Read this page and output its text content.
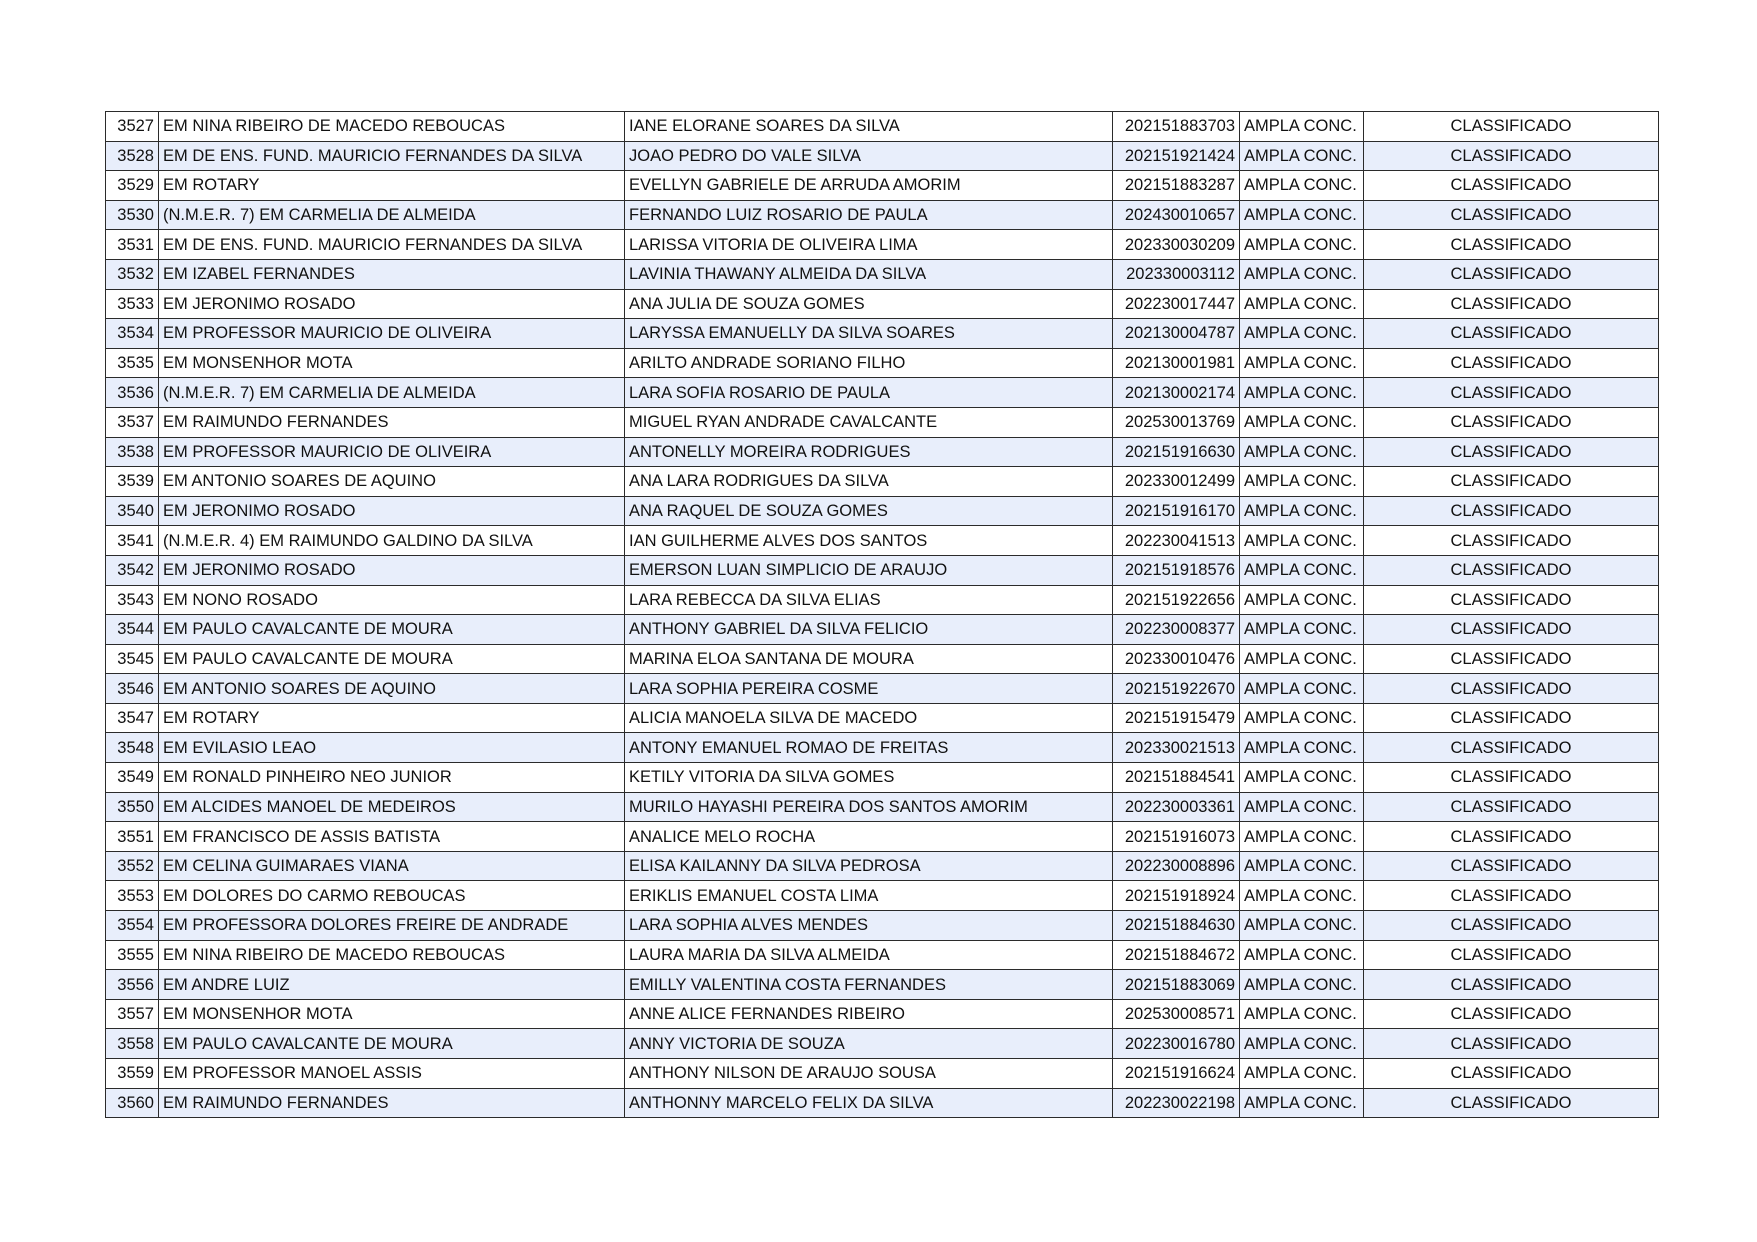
3527	EM NINA RIBEIRO DE MACEDO REBOUCAS	IANE ELORANE SOARES DA SILVA	202151883703	AMPLA CONC.	CLASSIFICADO
3528	EM DE ENS. FUND. MAURICIO FERNANDES DA SILVA	JOAO PEDRO DO VALE SILVA	202151921424	AMPLA CONC.	CLASSIFICADO
3529	EM ROTARY	EVELLYN GABRIELE DE ARRUDA AMORIM	202151883287	AMPLA CONC.	CLASSIFICADO
3530	(N.M.E.R. 7) EM CARMELIA DE ALMEIDA	FERNANDO LUIZ ROSARIO DE PAULA	202430010657	AMPLA CONC.	CLASSIFICADO
3531	EM DE ENS. FUND. MAURICIO FERNANDES DA SILVA	LARISSA VITORIA DE OLIVEIRA LIMA	202330030209	AMPLA CONC.	CLASSIFICADO
3532	EM IZABEL FERNANDES	LAVINIA THAWANY ALMEIDA DA SILVA	202330003112	AMPLA CONC.	CLASSIFICADO
3533	EM JERONIMO ROSADO	ANA JULIA DE SOUZA GOMES	202230017447	AMPLA CONC.	CLASSIFICADO
3534	EM PROFESSOR MAURICIO DE OLIVEIRA	LARYSSA EMANUELLY DA SILVA SOARES	202130004787	AMPLA CONC.	CLASSIFICADO
3535	EM MONSENHOR MOTA	ARILTO ANDRADE SORIANO FILHO	202130001981	AMPLA CONC.	CLASSIFICADO
3536	(N.M.E.R. 7) EM CARMELIA DE ALMEIDA	LARA SOFIA ROSARIO DE PAULA	202130002174	AMPLA CONC.	CLASSIFICADO
3537	EM RAIMUNDO FERNANDES	MIGUEL RYAN ANDRADE CAVALCANTE	202530013769	AMPLA CONC.	CLASSIFICADO
3538	EM PROFESSOR MAURICIO DE OLIVEIRA	ANTONELLY MOREIRA RODRIGUES	202151916630	AMPLA CONC.	CLASSIFICADO
3539	EM ANTONIO SOARES DE AQUINO	ANA LARA RODRIGUES DA SILVA	202330012499	AMPLA CONC.	CLASSIFICADO
3540	EM JERONIMO ROSADO	ANA RAQUEL DE SOUZA GOMES	202151916170	AMPLA CONC.	CLASSIFICADO
3541	(N.M.E.R. 4) EM RAIMUNDO GALDINO DA SILVA	IAN GUILHERME ALVES DOS SANTOS	202230041513	AMPLA CONC.	CLASSIFICADO
3542	EM JERONIMO ROSADO	EMERSON LUAN SIMPLICIO DE ARAUJO	202151918576	AMPLA CONC.	CLASSIFICADO
3543	EM NONO ROSADO	LARA REBECCA DA SILVA ELIAS	202151922656	AMPLA CONC.	CLASSIFICADO
3544	EM PAULO CAVALCANTE DE MOURA	ANTHONY GABRIEL DA SILVA FELICIO	202230008377	AMPLA CONC.	CLASSIFICADO
3545	EM PAULO CAVALCANTE DE MOURA	MARINA ELOA SANTANA DE MOURA	202330010476	AMPLA CONC.	CLASSIFICADO
3546	EM ANTONIO SOARES DE AQUINO	LARA SOPHIA PEREIRA COSME	202151922670	AMPLA CONC.	CLASSIFICADO
3547	EM ROTARY	ALICIA MANOELA SILVA DE MACEDO	202151915479	AMPLA CONC.	CLASSIFICADO
3548	EM EVILASIO LEAO	ANTONY EMANUEL ROMAO DE FREITAS	202330021513	AMPLA CONC.	CLASSIFICADO
3549	EM RONALD PINHEIRO NEO JUNIOR	KETILY VITORIA DA SILVA GOMES	202151884541	AMPLA CONC.	CLASSIFICADO
3550	EM ALCIDES MANOEL DE MEDEIROS	MURILO HAYASHI PEREIRA DOS SANTOS AMORIM	202230003361	AMPLA CONC.	CLASSIFICADO
3551	EM FRANCISCO DE ASSIS BATISTA	ANALICE MELO ROCHA	202151916073	AMPLA CONC.	CLASSIFICADO
3552	EM CELINA GUIMARAES VIANA	ELISA KAILANNY DA SILVA PEDROSA	202230008896	AMPLA CONC.	CLASSIFICADO
3553	EM DOLORES DO CARMO REBOUCAS	ERIKLIS EMANUEL COSTA LIMA	202151918924	AMPLA CONC.	CLASSIFICADO
3554	EM PROFESSORA DOLORES FREIRE DE ANDRADE	LARA SOPHIA ALVES MENDES	202151884630	AMPLA CONC.	CLASSIFICADO
3555	EM NINA RIBEIRO DE MACEDO REBOUCAS	LAURA MARIA DA SILVA ALMEIDA	202151884672	AMPLA CONC.	CLASSIFICADO
3556	EM ANDRE LUIZ	EMILLY VALENTINA COSTA FERNANDES	202151883069	AMPLA CONC.	CLASSIFICADO
3557	EM MONSENHOR MOTA	ANNE ALICE FERNANDES RIBEIRO	202530008571	AMPLA CONC.	CLASSIFICADO
3558	EM PAULO CAVALCANTE DE MOURA	ANNY VICTORIA DE SOUZA	202230016780	AMPLA CONC.	CLASSIFICADO
3559	EM PROFESSOR MANOEL ASSIS	ANTHONY NILSON DE ARAUJO SOUSA	202151916624	AMPLA CONC.	CLASSIFICADO
3560	EM RAIMUNDO FERNANDES	ANTHONNY MARCELO FELIX DA SILVA	202230022198	AMPLA CONC.	CLASSIFICADO
